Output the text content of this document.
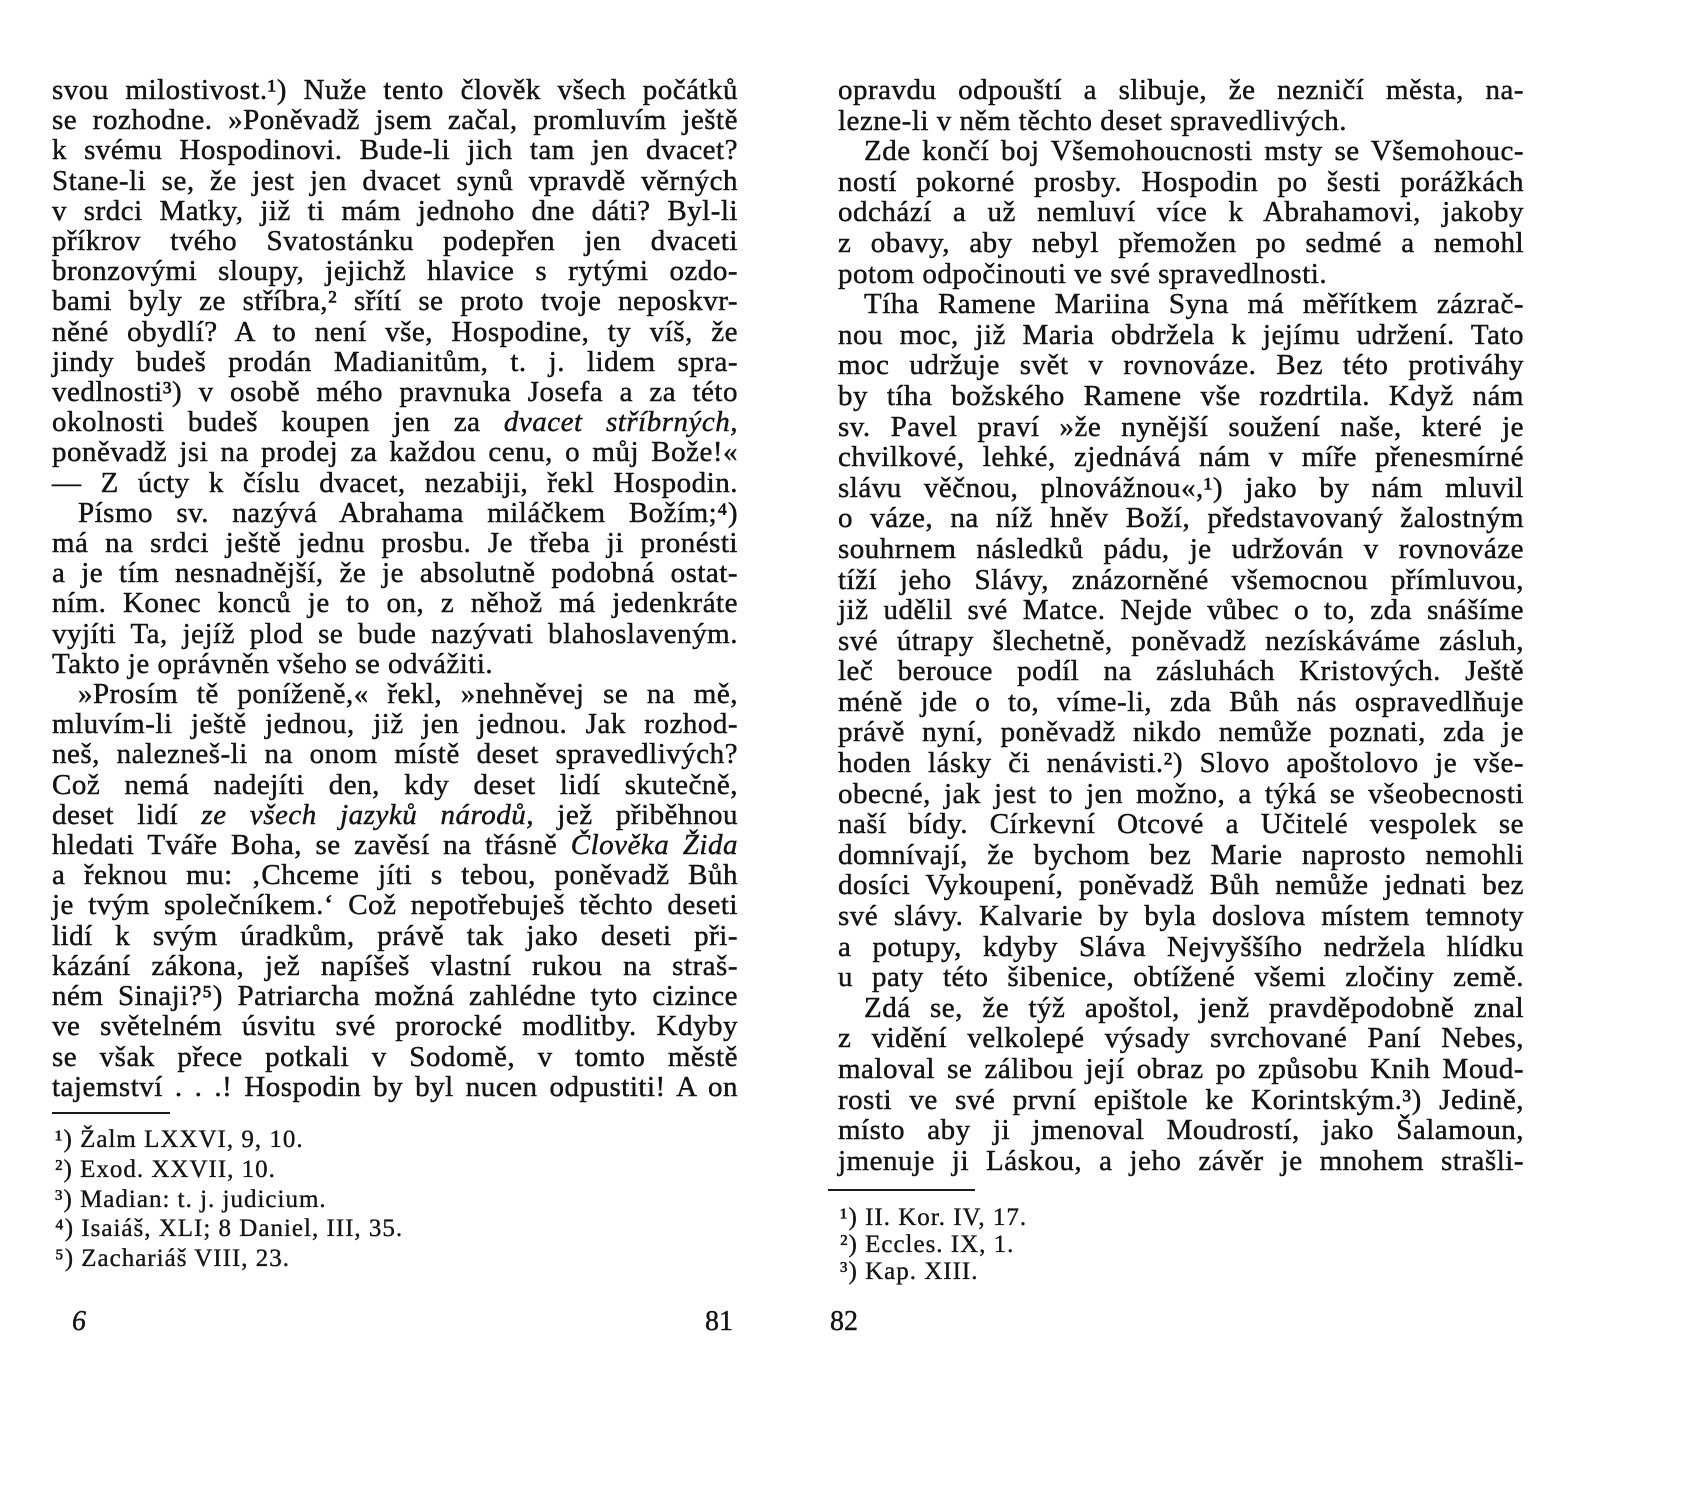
svou milostivost.¹) Nuže tento člověk všech počátků
se rozhodne. »Poněvadž jsem začal, promluvím ještě
k svému Hospodinovi. Bude-li jich tam jen dvacet?
Stane-li se, že jest jen dvacet synů vpravdě věrných
v srdci Matky, již ti mám jednoho dne dáti? Byl-li
příkrov tvého Svatostánku podepřen jen dvaceti
bronzovými sloupy, jejichž hlavice s rytými ozdo-
bami byly ze stříbra,² sřítí se proto tvoje neposkvr-
něné obydlí? A to není vše, Hospodine, ty víš, že
jindy budeš prodán Madianitům, t. j. lidem spra-
vedlnosti³) v osobě mého pravnuka Josefa a za této
okolnosti budeš koupen jen za dvacet stříbrných,
poněvadž jsi na prodej za každou cenu, o můj Bože!«
— Z úcty k číslu dvacet, nezabiji, řekl Hospodin.
Písmo sv. nazývá Abrahama miláčkem Božím;⁴)
má na srdci ještě jednu prosbu. Je třeba ji pronésti
a je tím nesnadnější, že je absolutně podobná ostat-
ním. Konec konců je to on, z něhož má jedenkráte
vyjíti Ta, jejíž plod se bude nazývati blahoslaveným.
Takto je oprávněn všeho se odvážiti.
»Prosím tě poníženě,« řekl, »nehněvej se na mě,
mluvím-li ještě jednou, již jen jednou. Jak rozhod-
neš, nalezneš-li na onom místě deset spravedlivých?
Což nemá nadejíti den, kdy deset lidí skutečně,
deset lidí ze všech jazyků národů, jež přiběhnou
hledati Tváře Boha, se zavěsí na třásně Člověka Žida
a řeknou mu: ‚Chceme jíti s tebou, poněvadž Bůh
je tvým společníkem.‘ Což nepotřebuješ těchto deseti
lidí k svým úradkům, právě tak jako deseti při-
kázání zákona, jež napíšeš vlastní rukou na straš-
ném Sinaji?⁵) Patriarcha možná zahlédne tyto cizince
ve světelném úsvitu své prorocké modlitby. Kdyby
se však přece potkali v Sodomě, v tomto městě
tajemství . . .! Hospodin by byl nucen odpustiti! A on
¹) Žalm LXXVI, 9, 10.
²) Exod. XXVII, 10.
³) Madian: t. j. judicium.
⁴) Isaiáš, XLI; 8 Daniel, III, 35.
⁵) Zachariáš VIII, 23.
6	81
opravdu odpouští a slibuje, že nezničí města, na-
lezne-li v něm těchto deset spravedlivých.
Zde končí boj Všemohoucnosti msty se Všemohouc-
ností pokorné prosby. Hospodin po šesti porážkách
odchází a už nemluví více k Abrahamovi, jakoby
z obavy, aby nebyl přemožen po sedmé a nemohl
potom odpočinouti ve své spravedlnosti.
Tíha Ramene Mariina Syna má měřítkem zázrač-
nou moc, již Maria obdržela k jejímu udržení. Tato
moc udržuje svět v rovnováze. Bez této protiváhy
by tíha božského Ramene vše rozdrtila. Když nám
sv. Pavel praví »že nynější soužení naše, které je
chvilkové, lehké, zjednává nám v míře přenesmírné
slávu věčnou, plnovážnou«,¹) jako by nám mluvil
o váze, na níž hněv Boží, představovaný žalostným
souhrnem následků pádu, je udržován v rovnováze
tíží jeho Slávy, znázorněné všemocnou přímluvou,
již udělil své Matce. Nejde vůbec o to, zda snášíme
své útrapy šlechetně, poněvadž nezískáváme zásluh,
leč berouce podíl na zásluhách Kristových. Ještě
méně jde o to, víme-li, zda Bůh nás ospravedlňuje
právě nyní, poněvadž nikdo nemůže poznati, zda je
hoden lásky či nenávisti.²) Slovo apoštolovo je vše-
obecné, jak jest to jen možno, a týká se všeobecnosti
naší bídy. Církevní Otcové a Učitelé vespolek se
domnívají, že bychom bez Marie naprosto nemohli
dosíci Vykoupení, poněvadž Bůh nemůže jednati bez
své slávy. Kalvarie by byla doslova místem temnoty
a potupy, kdyby Sláva Nejvyššího nedržela hlídku
u paty této šibenice, obtížené všemi zločiny země.
Zdá se, že týž apoštol, jenž pravděpodobně znal
z vidění velkolepé výsady svrchované Paní Nebes,
maloval se zálibou její obraz po způsobu Knih Moud-
rosti ve své první epištole ke Korintským.³) Jedině,
místo aby ji jmenoval Moudrostí, jako Šalamoun,
jmenuje ji Láskou, a jeho závěr je mnohem strašli-
¹) II. Kor. IV, 17.
²) Eccles. IX, 1.
³) Kap. XIII.
82
